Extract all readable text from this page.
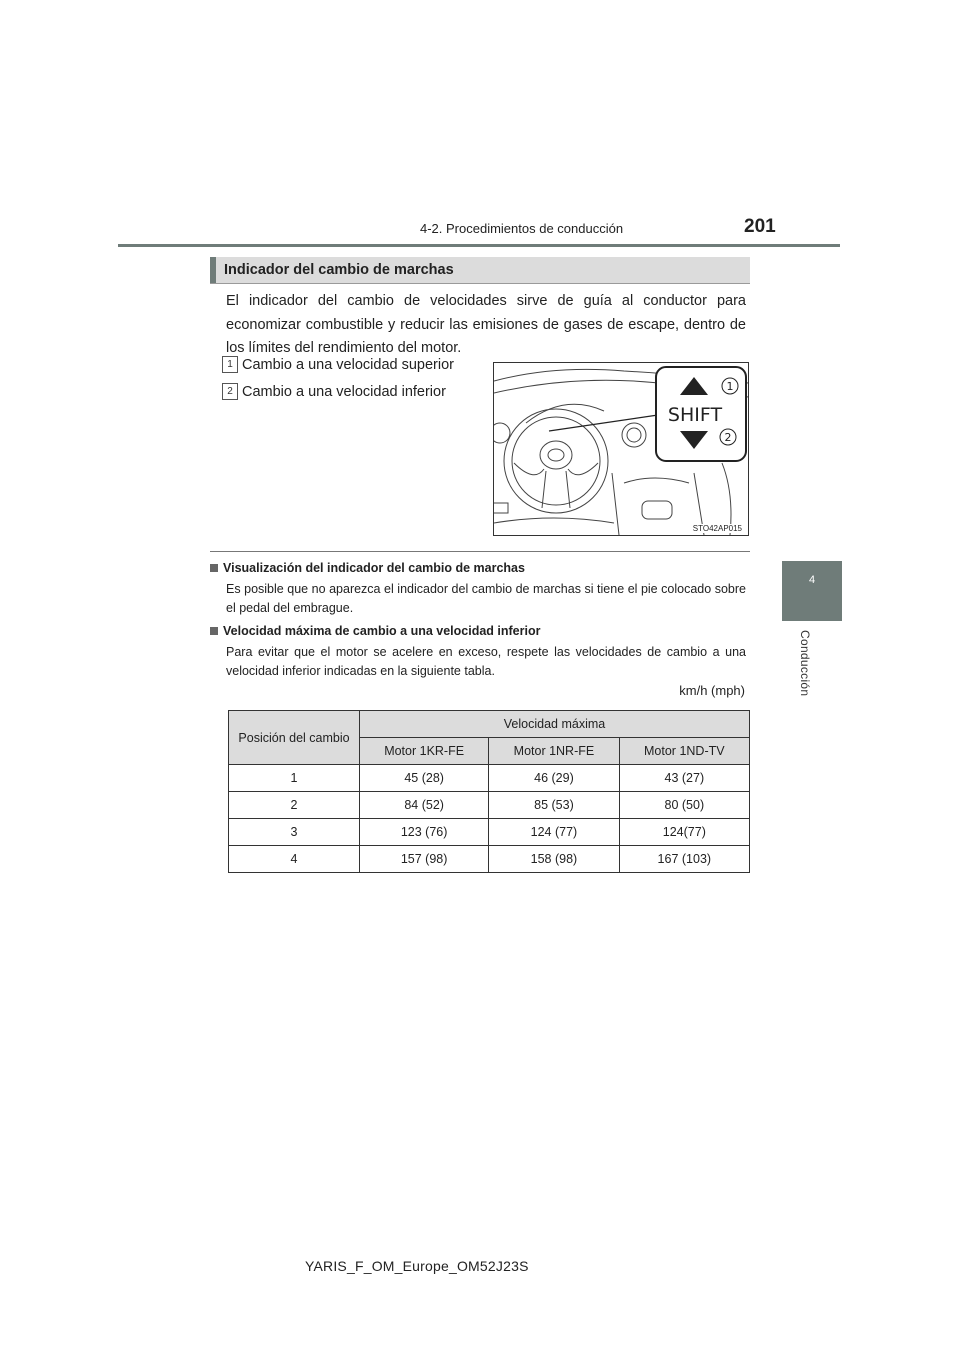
4-2. Procedimientos de conducción	201
4
Conducción
Indicador del cambio de marchas
El indicador del cambio de velocidades sirve de guía al conductor para economizar combustible y reducir las emisiones de gases de escape, dentro de los límites del rendimiento del motor.
1 Cambio a una velocidad superior
2 Cambio a una velocidad inferior
SHIFT
1
2
STO42AP015
Visualización del indicador del cambio de marchas
Es posible que no aparezca el indicador del cambio de marchas si tiene el pie colocado sobre el pedal del embrague.
Velocidad máxima de cambio a una velocidad inferior
Para evitar que el motor se acelere en exceso, respete las velocidades de cambio a una velocidad inferior indicadas en la siguiente tabla.
km/h (mph)
Posición del cambio	Velocidad máxima		
	Motor 1KR-FE	Motor 1NR-FE	Motor 1ND-TV
1	45 (28)	46 (29)	43 (27)
2	84 (52)	85 (53)	80 (50)
3	123 (76)	124 (77)	124(77)
4	157 (98)	158 (98)	167 (103)
YARIS_F_OM_Europe_OM52J23S
